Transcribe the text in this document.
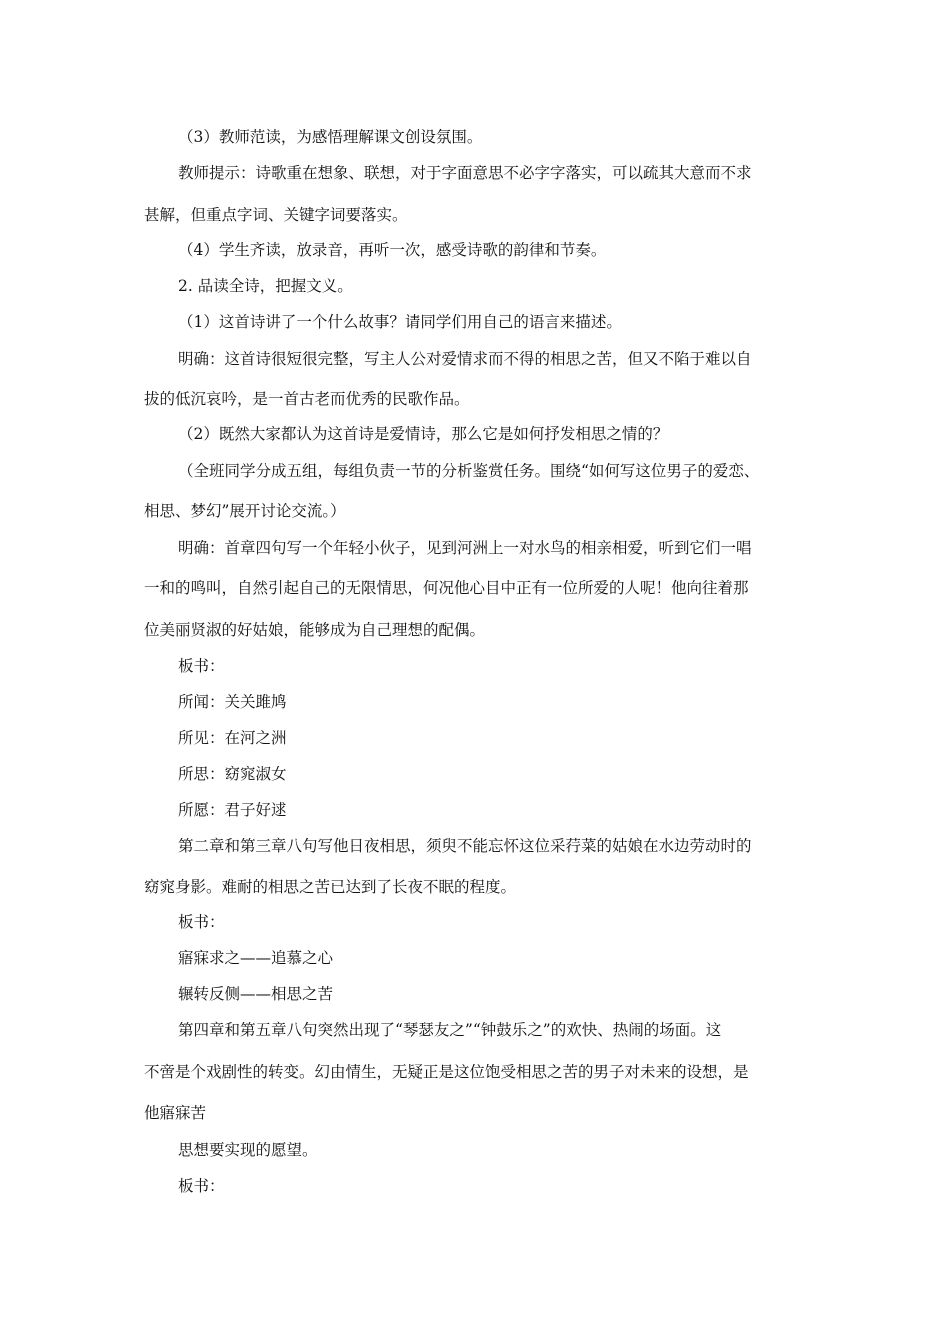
（3）教师范读，为感悟理解课文创设氛围。
教师提示：诗歌重在想象、联想，对于字面意思不必字字落实，可以疏其大意而不求
甚解，但重点字词、关键字词要落实。
（4）学生齐读，放录音，再听一次，感受诗歌的韵律和节奏。
2. 品读全诗，把握文义。
（1）这首诗讲了一个什么故事？请同学们用自己的语言来描述。
明确：这首诗很短很完整，写主人公对爱情求而不得的相思之苦，但又不陷于难以自
拔的低沉哀吟，是一首古老而优秀的民歌作品。
（2）既然大家都认为这首诗是爱情诗，那么它是如何抒发相思之情的？
（全班同学分成五组，每组负责一节的分析鉴赏任务。围绕“如何写这位男子的爱恋、
相思、梦幻”展开讨论交流。）
明确：首章四句写一个年轻小伙子，见到河洲上一对水鸟的相亲相爱，听到它们一唱
一和的鸣叫，自然引起自己的无限情思，何况他心目中正有一位所爱的人呢！他向往着那
位美丽贤淑的好姑娘，能够成为自己理想的配偶。
板书：
所闻：关关雎鸠
所见：在河之洲
所思：窈窕淑女
所愿：君子好逑
第二章和第三章八句写他日夜相思，须臾不能忘怀这位采荇菜的姑娘在水边劳动时的
窈窕身影。难耐的相思之苦已达到了长夜不眠的程度。
板书：
寤寐求之——追慕之心
辗转反侧——相思之苦
第四章和第五章八句突然出现了“琴瑟友之”“钟鼓乐之”的欢快、热闹的场面。这
不啻是个戏剧性的转变。幻由情生，无疑正是这位饱受相思之苦的男子对未来的设想，是
他寤寐苦
思想要实现的愿望。
板书：
